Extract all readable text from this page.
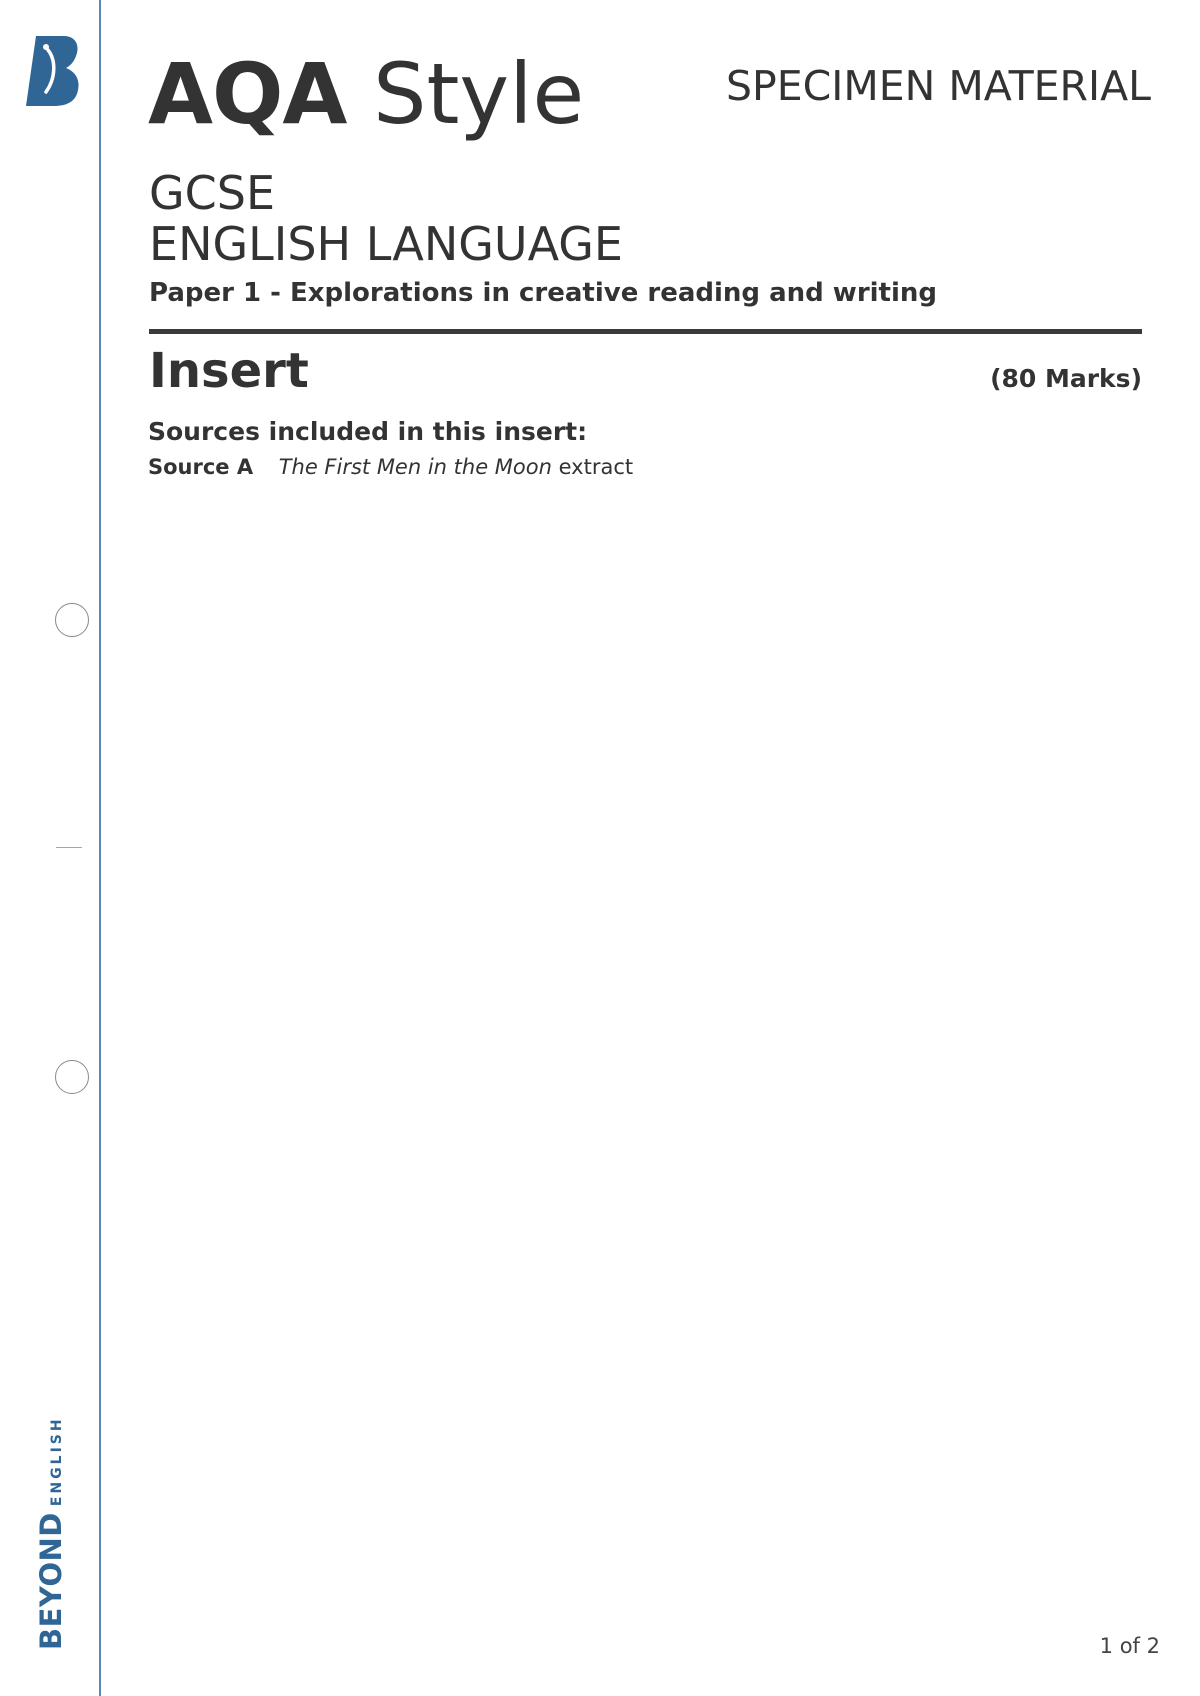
BEYOND
ENGLISH
AQA Style	SPECIMEN MATERIAL
GCSE
ENGLISH LANGUAGE
Paper 1 - Explorations in creative reading and writing
Insert	(80 Marks)
Sources included in this insert:
Source A The First Men in the Moon extract
1 of 2
